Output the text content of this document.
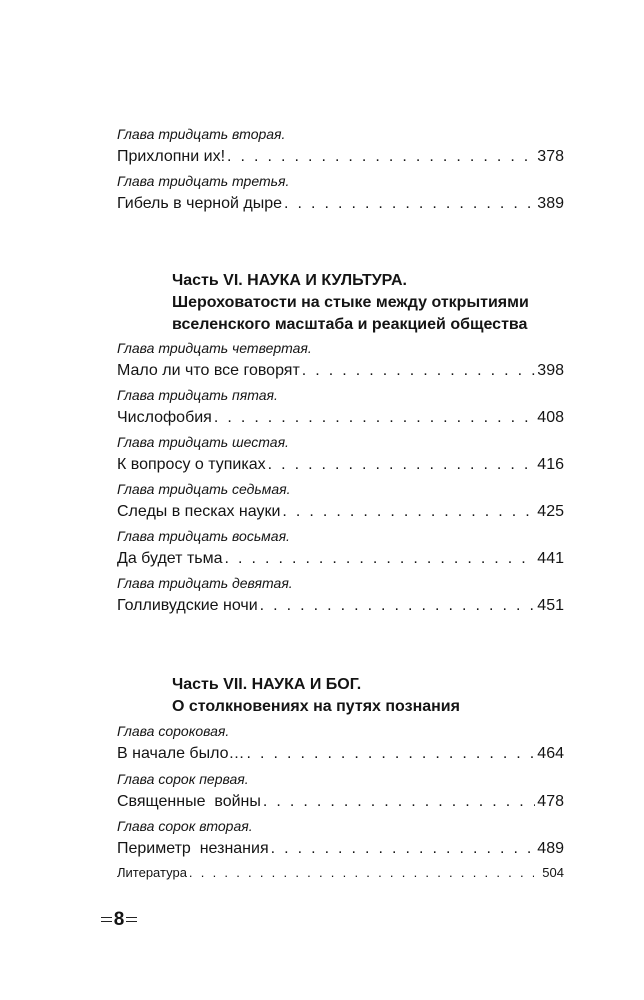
Глава тридцать вторая.
Прихлопни их! . . .	378
Глава тридцать третья.
Гибель в черной дыре . . .	389
Часть VI. НАУКА И КУЛЬТУРА.
Шероховатости на стыке между открытиями
вселенского масштаба и реакцией общества
Глава тридцать четвертая.
Мало ли что все говорят . . .	398
Глава тридцать пятая.
Числофобия . . .	408
Глава тридцать шестая.
К вопросу о тупиках . . .	416
Глава тридцать седьмая.
Следы в песках науки . . .	425
Глава тридцать восьмая.
Да будет тьма . . .	441
Глава тридцать девятая.
Голливудские ночи . . .	451
Часть VII. НАУКА И БОГ.
О столкновениях на путях познания
Глава сороковая.
В начале было… . . .	464
Глава сорок первая.
Священные  войны . . .	478
Глава сорок вторая.
Периметр  незнания . . .	489
Литература . . .	504
8
